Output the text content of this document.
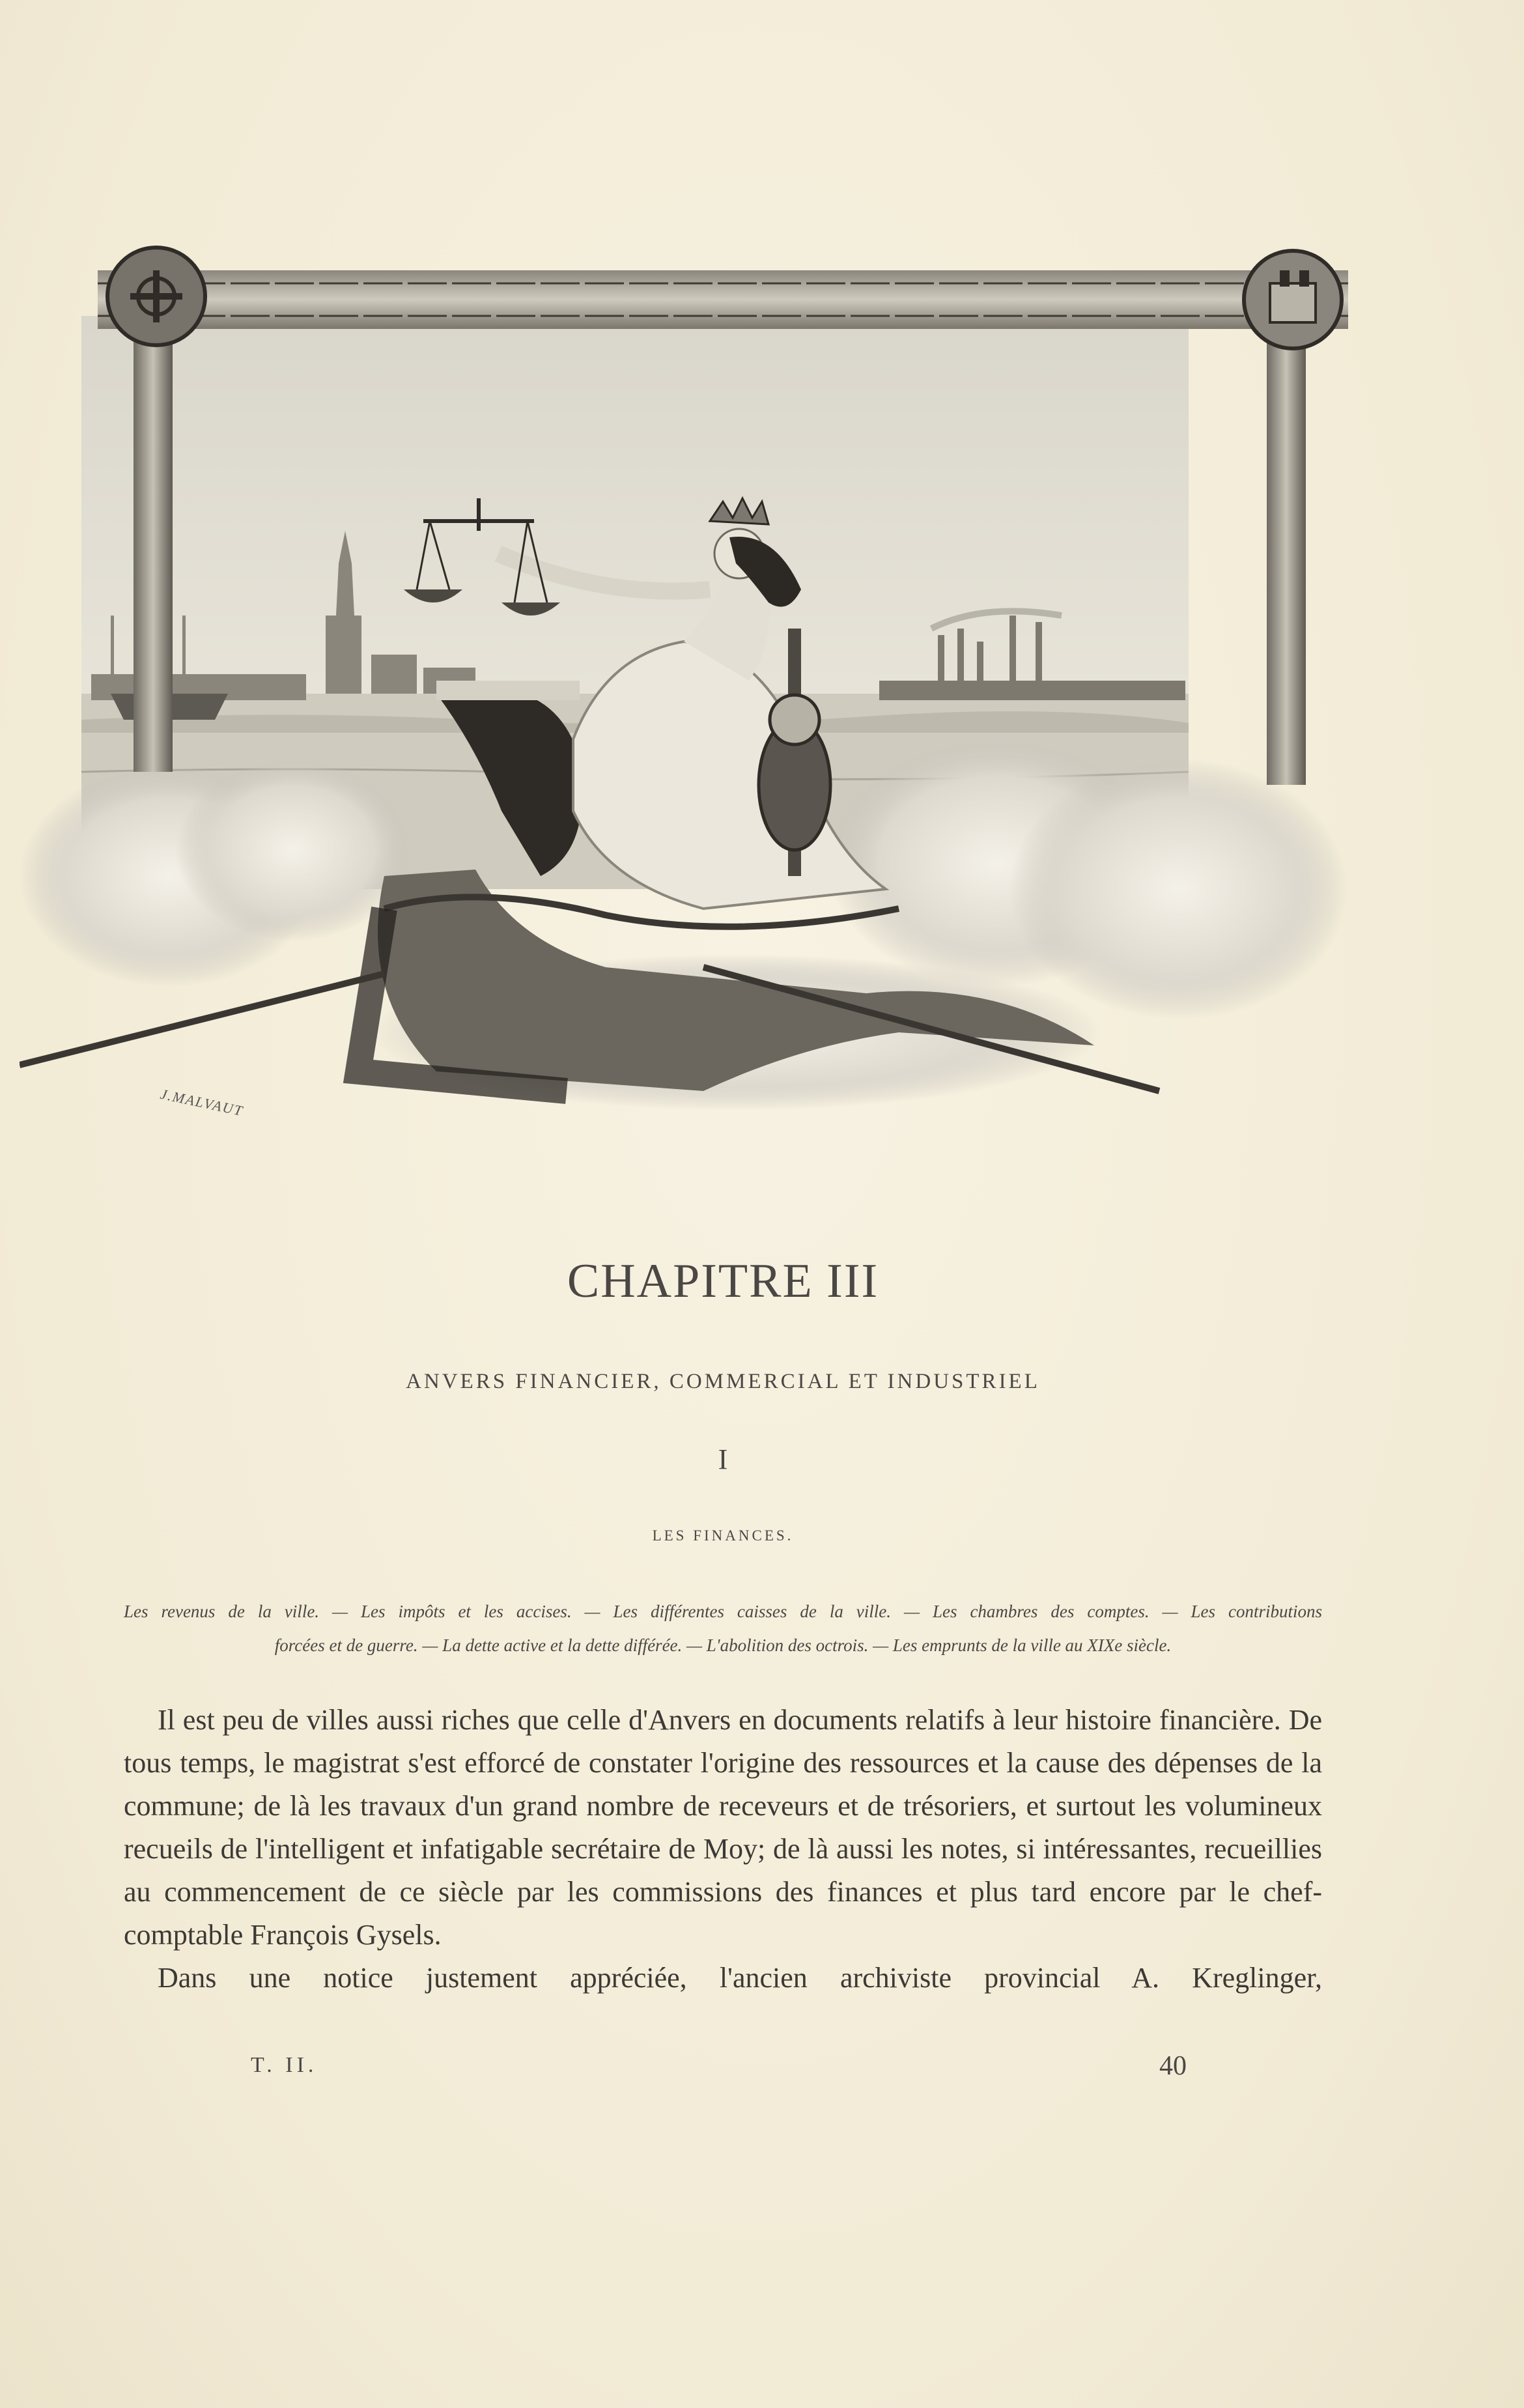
J.MALVAUT
CHAPITRE III
ANVERS FINANCIER, COMMERCIAL ET INDUSTRIEL
I
LES FINANCES.
Les revenus de la ville. — Les impôts et les accises. — Les différentes caisses de la ville. — Les chambres des comptes. — Les contributions
forcées et de guerre. — La dette active et la dette différée. — L'abolition des octrois. — Les emprunts de la ville au XIXe siècle.

Il est peu de villes aussi riches que celle d'Anvers en documents relatifs à leur histoire financière. De tous temps, le magistrat s'est efforcé de constater l'origine des ressources et la cause des dépenses de la commune; de là les travaux d'un grand nombre de receveurs et de trésoriers, et surtout les volumineux recueils de l'intelligent et infatigable secrétaire de Moy; de là aussi les notes, si intéressantes, recueillies au commencement de ce siècle par les commissions des finances et plus tard encore par le chef-comptable François Gysels.

Dans une notice justement appréciée, l'ancien archiviste provincial A. Kreglinger,

T. II.	40
